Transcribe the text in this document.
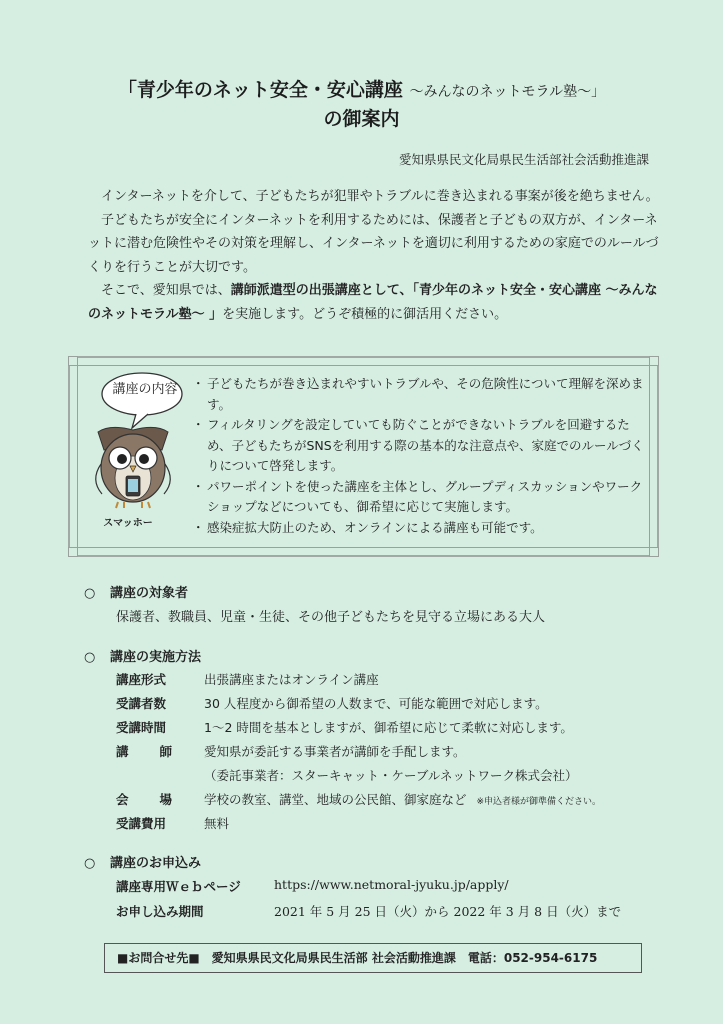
「青少年のネット安全・安心講座 ～みんなのネットモラル塾～」
の御案内
愛知県県民文化局県民生活部社会活動推進課

インターネットを介して、子どもたちが犯罪やトラブルに巻き込まれる事案が後を絶ちません。

子どもたちが安全にインターネットを利用するためには、保護者と子どもの双方が、インターネットに潜む危険性やその対策を理解し、インターネットを適切に利用するための家庭でのルールづくりを行うことが大切です。

そこで、愛知県では、講師派遣型の出張講座として、「青少年のネット安全・安心講座 ～みんなのネットモラル塾～ 」を実施します。どうぞ積極的に御活用ください。

講座の内容
スマッホー
・ 子どもたちが巻き込まれやすいトラブルや、その危険性について理解を深めます。
・ フィルタリングを設定していても防ぐことができないトラブルを回避するため、子どもたちがSNSを利用する際の基本的な注意点や、家庭でのルールづくりについて啓発します。
・ パワーポイントを使った講座を主体とし、グループディスカッションやワークショップなどについても、御希望に応じて実施します。
・ 感染症拡大防止のため、オンラインによる講座も可能です。
○ 講座の対象者
保護者、教職員、児童・生徒、その他子どもたちを見守る立場にある大人
○ 講座の実施方法
講座形式	出張講座またはオンライン講座
受講者数	30 人程度から御希望の人数まで、可能な範囲で対応します。
受講時間	1～2 時間を基本としますが、御希望に応じて柔軟に対応します。
講師 愛知県が委託する事業者が講師を手配します。
（委託事業者：スターキャット・ケーブルネットワーク株式会社）
会場 学校の教室、講堂、地域の公民館、御家庭など ※申込者様が御準備ください。
受講費用	無料
○ 講座のお申込み
講座専用Ｗｅｂページ	https://www.netmoral-jyuku.jp/apply/
お申し込み期間	2021 年 5 月 25 日（火）から 2022 年 3 月 8 日（火）まで
■お問合せ先■　愛知県県民文化局県民生活部 社会活動推進課　電話：052-954-6175
